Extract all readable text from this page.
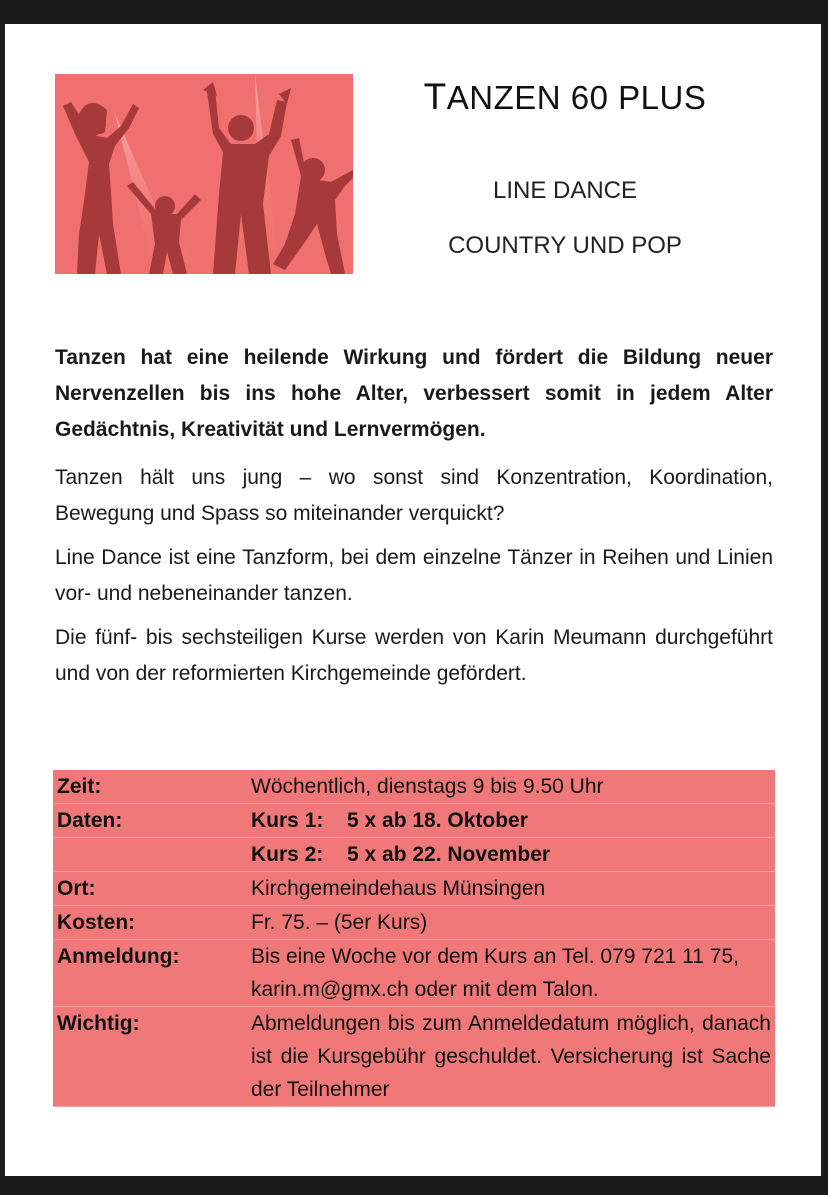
TANZEN 60 PLUS
LINE DANCE
COUNTRY UND POP

Tanzen hat eine heilende Wirkung und fördert die Bildung neuer Nervenzellen bis ins hohe Alter, verbessert somit in jedem Alter Gedächtnis, Kreativität und Lernvermögen.

Tanzen hält uns jung – wo sonst sind Konzentration, Koordination, Bewegung und Spass so miteinander verquickt?

Line Dance ist eine Tanzform, bei dem einzelne Tänzer in Reihen und Linien vor- und nebeneinander tanzen.

Die fünf- bis sechsteiligen Kurse werden von Karin Meumann durchgeführt und von der reformierten Kirchgemeinde gefördert.

Zeit:	Wöchentlich, dienstags 9 bis 9.50 Uhr
Daten:	Kurs 1: 5 x ab 18. Oktober
	Kurs 2: 5 x ab 22. November
Ort:	Kirchgemeindehaus Münsingen
Kosten:	Fr. 75. – (5er Kurs)
Anmeldung:	Bis eine Woche vor dem Kurs an Tel. 079 721 11 75,
karin.m@gmx.ch oder mit dem Talon.

Wichtig:	Abmeldungen bis zum Anmeldedatum möglich, danach ist die Kursgebühr geschuldet. Versicherung ist Sache der Teilnehmer
